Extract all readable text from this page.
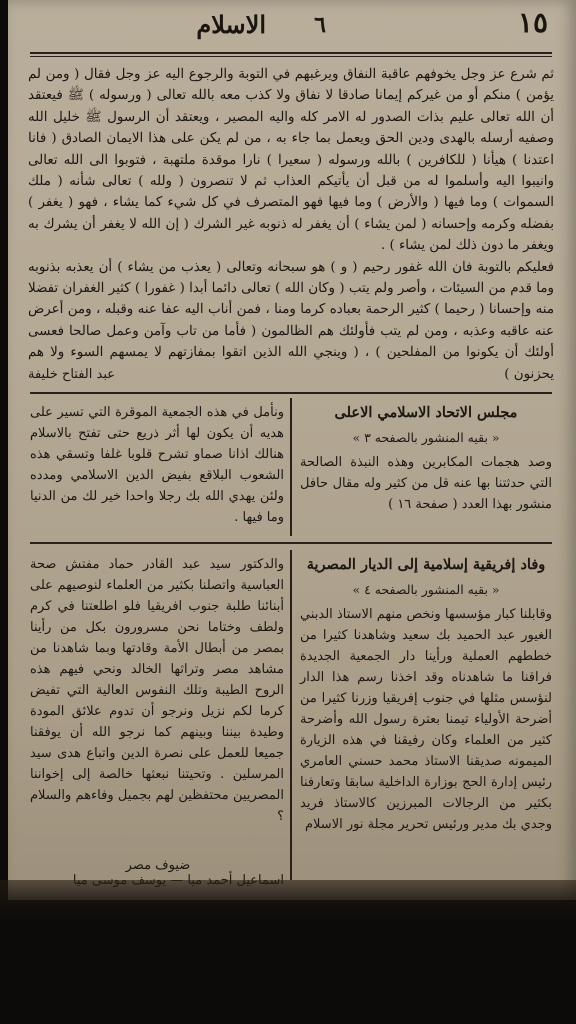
١٥
٦
الاسلام

ثم شرع عز وجل يخوفهم عاقبة النفاق ويرغبهم في التوبة والرجوع اليه عز وجل فقال ( ومن لم يؤمن ) منكم أو من غيركم إيمانا صادقا لا نفاق ولا كذب معه بالله تعالى ( ورسوله ) ﷺ فيعتقد أن الله تعالى عليم بذات الصدور له الامر كله واليه المصير ، ويعتقد أن الرسول ﷺ خليل الله وصفيه أرسله بالهدى ودين الحق ويعمل بما جاء به ، من لم يكن على هذا الايمان الصادق ( فانا اعتدنا ) هيأنا ( للكافرين ) بالله ورسوله ( سعيرا ) نارا موقدة ملتهبة ، فتوبوا الى الله تعالى وانيبوا اليه وأسلموا له من قبل أن يأتيكم العذاب ثم لا تنصرون ( ولله ) تعالى شأنه ( ملك السموات ) وما فيها ( والأرض ) وما فيها فهو المتصرف في كل شيء كما يشاء ، فهو ( يغفر ) بفضله وكرمه وإحسانه ( لمن يشاء ) أن يغفر له ذنوبه غير الشرك ( إن الله لا يغفر أن يشرك به ويغفر ما دون ذلك لمن يشاء ) .

فعليكم بالتوبة فان الله غفور رحيم ( و ) هو سبحانه وتعالى ( يعذب من يشاء ) أن يعذبه بذنوبه وما قدم من السيئات ، وأصر ولم يتب ( وكان الله ) تعالى دائما أبدا ( غفورا ) كثير الغفران تفضلا منه وإحسانا ( رحيما ) كثير الرحمة بعباده كرما ومنا ، فمن أناب اليه عفا عنه وقبله ، ومن أعرض عنه عاقبه وعذبه ، ومن لم يتب فأولئك هم الظالمون ( فأما من تاب وآمن وعمل صالحا فعسى أولئك أن يكونوا من المفلحين ) ، ( وينجي الله الذين اتقوا بمفازتهم لا يمسهم السوء ولا هم يحزنون )

عبد الفتاح خليفة
مجلس الاتحاد الاسلامي الاعلى
« بقيه المنشور بالصفحه ٣ »

وصد هجمات المكابرين وهذه النبذة الصالحة التي حدثتنا بها عنه قل من كثير وله مقال حافل منشور بهذا العدد ( صفحة ١٦ )

ونأمل في هذه الجمعية الموقرة التي تسير على هديه أن يكون لها أثر ذريع حتى تفتح بالاسلام هنالك اذانا صماو تشرح قلوبا غلفا وتسقي هذه الشعوب البلاقع بفيض الدين الاسلامي ومدده ولئن يهدي الله بك رجلا واحدا خير لك من الدنيا وما فيها .

وفاد إفريقية إسلامية إلى الديار المصرية
« بقيه المنشور بالصفحه ٤ »

وقابلنا كبار مؤسسها ونخص منهم الاستاذ الدبني الغيور عبد الحميد بك سعيد وشاهدنا كثيرا من خططهم العملية ورأينا دار الجمعية الجديدة فراقنا ما شاهدناه وقد اخذنا رسم هذا الدار لنؤسس مثلها في جنوب إفريقيا وزرنا كثيرا من أضرحة الأولياء تيمنا بعترة رسول الله وأضرحة كثير من العلماء وكان رفيقنا في هذه الزيارة الميمونه صديقنا الاستاذ محمد حسني العامري رئيس إدارة الحج بوزارة الداخلية سابقا وتعارفنا بكثير من الرجالات المبرزين كالاستاذ فريد وجدي بك مدير ورئيس تحرير مجلة نور الاسلام

والدكتور سيد عبد القادر حماد مفتش صحة العباسية واتصلنا بكثير من العلماء لنوصيهم على أبنائنا طلبة جنوب افريقيا فلو اطلعتنا في كرم ولطف وختاما نحن مسرورون بكل من رأينا بمصر من أبطال الأمة وقادتها وبما شاهدنا من مشاهد مصر وتراثها الخالد ونحي فيهم هذه الروح الطيبة وتلك النفوس العالية التي تفيض كرما لكم نزيل ونرجو أن تدوم علائق المودة وطيدة بيننا وبينهم كما نرجو الله أن يوفقنا جميعا للعمل على نصرة الدين واتباع هدى سيد المرسلين . وتحيتنا نبعثها خالصة إلى إخواننا المصريين محتفظين لهم بجميل وفاءهم والسلام ؟

ضيوف مصر
